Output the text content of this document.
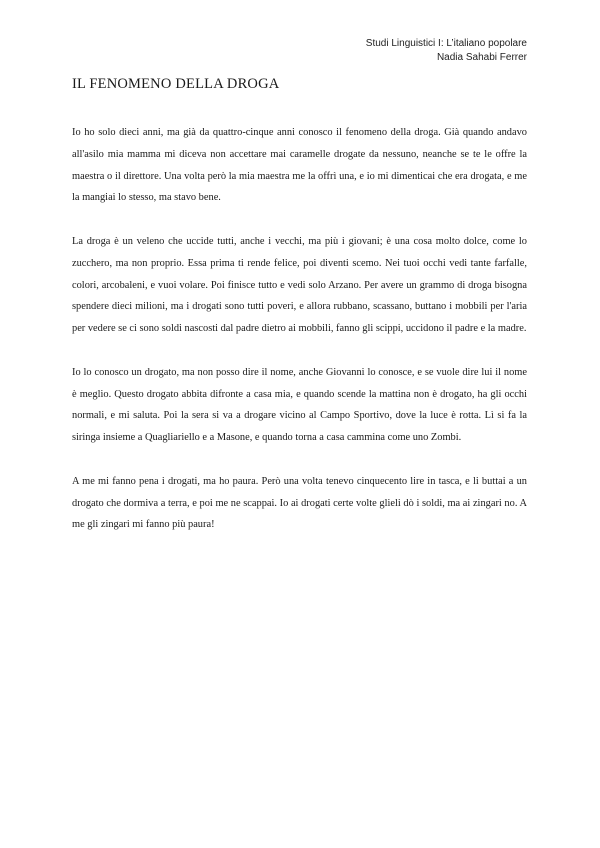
Studi Linguistici I: L’italiano popolare
Nadia Sahabi Ferrer
IL FENOMENO DELLA DROGA

Io ho solo dieci anni, ma già da quattro-cinque anni conosco il fenomeno della droga. Già quando andavo all'asilo mia mamma mi diceva non accettare mai caramelle drogate da nessuno, neanche se te le offre la maestra o il direttore. Una volta però la mia maestra me la offrì una, e io mi dimenticai che era drogata, e me la mangiai lo stesso, ma stavo bene.

La droga è un veleno che uccide tutti, anche i vecchi, ma più i giovani; è una cosa molto dolce, come lo zucchero, ma non proprio. Essa prima ti rende felice, poi diventi scemo. Nei tuoi occhi vedi tante farfalle, colori, arcobaleni, e vuoi volare. Poi finisce tutto e vedi solo Arzano. Per avere un grammo di droga bisogna spendere dieci milioni, ma i drogati sono tutti poveri, e allora rubbano, scassano, buttano i mobbili per l'aria per vedere se ci sono soldi nascosti dal padre dietro ai mobbili, fanno gli scippi, uccidono il padre e la madre.

Io lo conosco un drogato, ma non posso dire il nome, anche Giovanni lo conosce, e se vuole dire lui il nome è meglio. Questo drogato abbita difronte a casa mia, e quando scende la mattina non è drogato, ha gli occhi normali, e mi saluta. Poi la sera si va a drogare vicino al Campo Sportivo, dove la luce è rotta. Lì si fa la siringa insieme a Quagliariello e a Masone, e quando torna a casa cammina come uno Zombi.

A me mi fanno pena i drogati, ma ho paura. Però una volta tenevo cinquecento lire in tasca, e li buttai a un drogato che dormiva a terra, e poi me ne scappai. Io ai drogati certe volte glieli dò i soldi, ma ai zingari no. A me gli zingari mi fanno più paura!
